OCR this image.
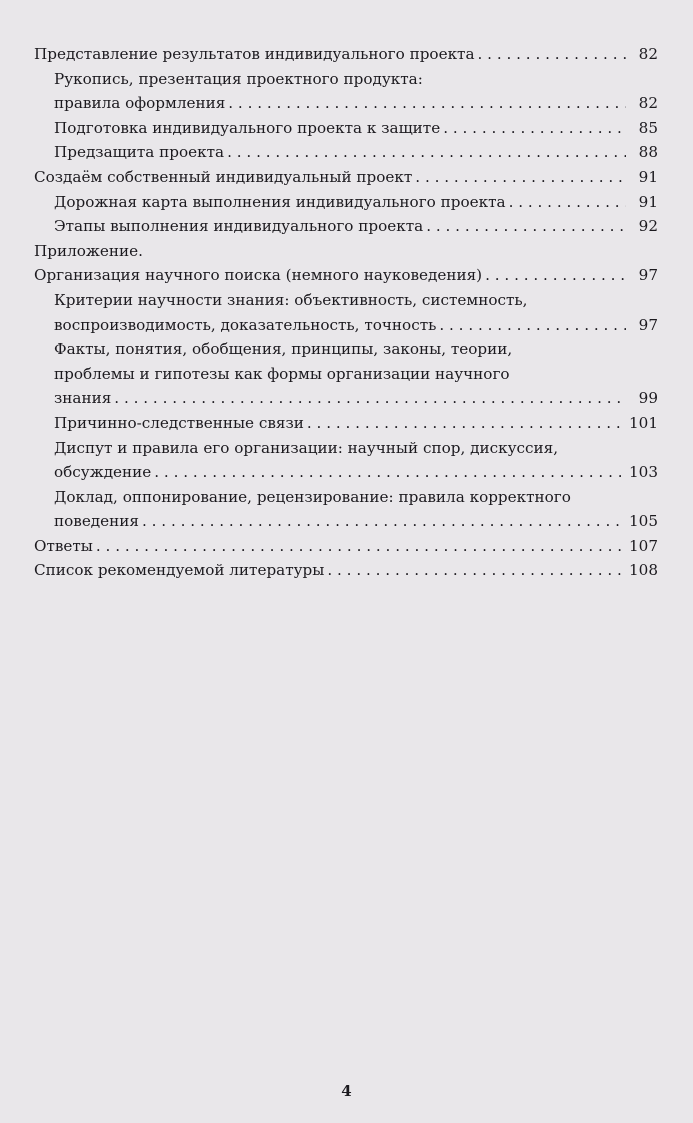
Представление результатов индивидуального проекта . . .	82
Рукопись, презентация проектного продукта:
правила оформления . . .	82
Подготовка индивидуального проекта к защите . . .	85
Предзащита проекта . . .	88
Создаём собственный индивидуальный проект . . .	91
Дорожная карта выполнения индивидуального проекта . . .	91
Этапы выполнения индивидуального проекта . . .	92
Приложение.
Организация научного поиска (немного науковедения) . . .	97
Критерии научности знания: объективность, системность,
воспроизводимость, доказательность, точность . . .	97
Факты, понятия, обобщения, принципы, законы, теории,
проблемы и гипотезы как формы организации научного
знания . . .	99
Причинно-следственные связи . . .	101
Диспут и правила его организации: научный спор, дискуссия,
обсуждение . . .	103
Доклад, оппонирование, рецензирование: правила корректного
поведения . . .	105
Ответы . . .	107
Список рекомендуемой литературы . . .	108
4
